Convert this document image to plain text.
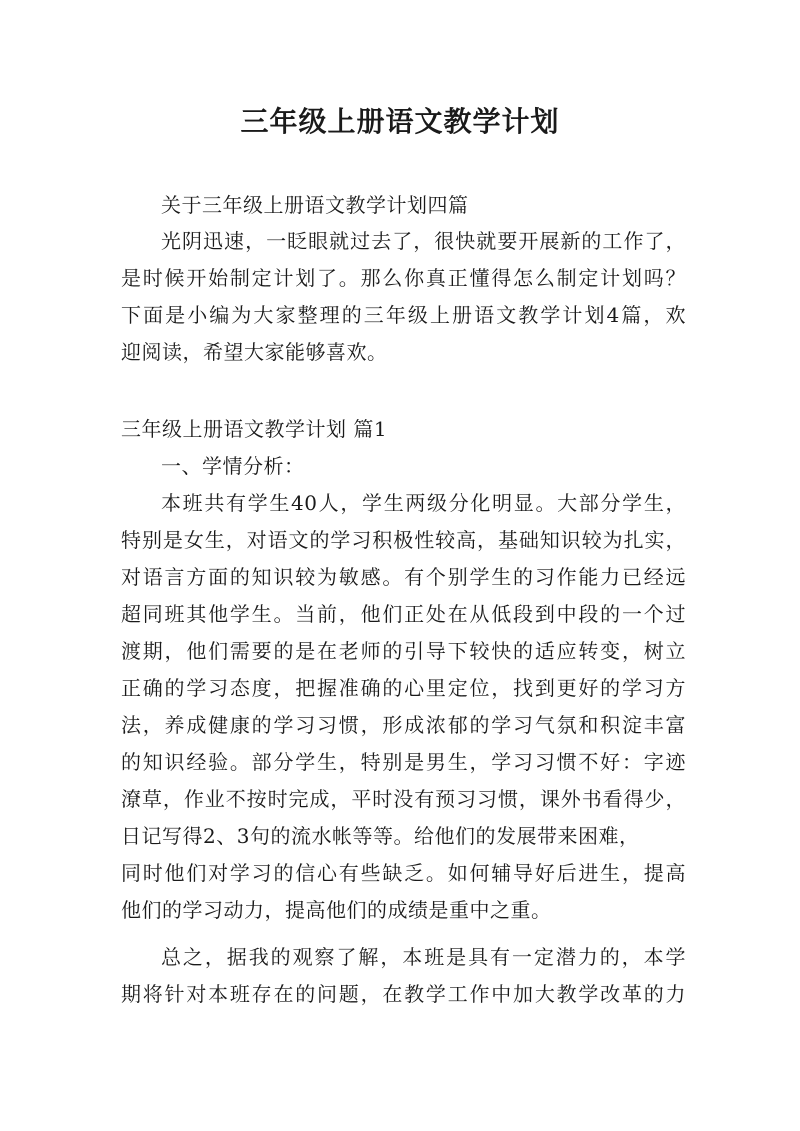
三年级上册语文教学计划
关于三年级上册语文教学计划四篇
光阴迅速，一眨眼就过去了，很快就要开展新的工作了，
是时候开始制定计划了。那么你真正懂得怎么制定计划吗？
下面是小编为大家整理的三年级上册语文教学计划4篇，欢
迎阅读，希望大家能够喜欢。
三年级上册语文教学计划 篇1
一、学情分析：
本班共有学生40人，学生两级分化明显。大部分学生，
特别是女生，对语文的学习积极性较高，基础知识较为扎实，
对语言方面的知识较为敏感。有个别学生的习作能力已经远
超同班其他学生。当前，他们正处在从低段到中段的一个过
渡期，他们需要的是在老师的引导下较快的适应转变，树立
正确的学习态度，把握准确的心里定位，找到更好的学习方
法，养成健康的学习习惯，形成浓郁的学习气氛和积淀丰富
的知识经验。部分学生，特别是男生，学习习惯不好：字迹
潦草，作业不按时完成，平时没有预习习惯，课外书看得少，
日记写得2、3句的流水帐等等。给他们的发展带来困难，
同时他们对学习的信心有些缺乏。如何辅导好后进生，提高
他们的学习动力，提高他们的成绩是重中之重。
总之，据我的观察了解，本班是具有一定潜力的，本学
期将针对本班存在的问题，在教学工作中加大教学改革的力
